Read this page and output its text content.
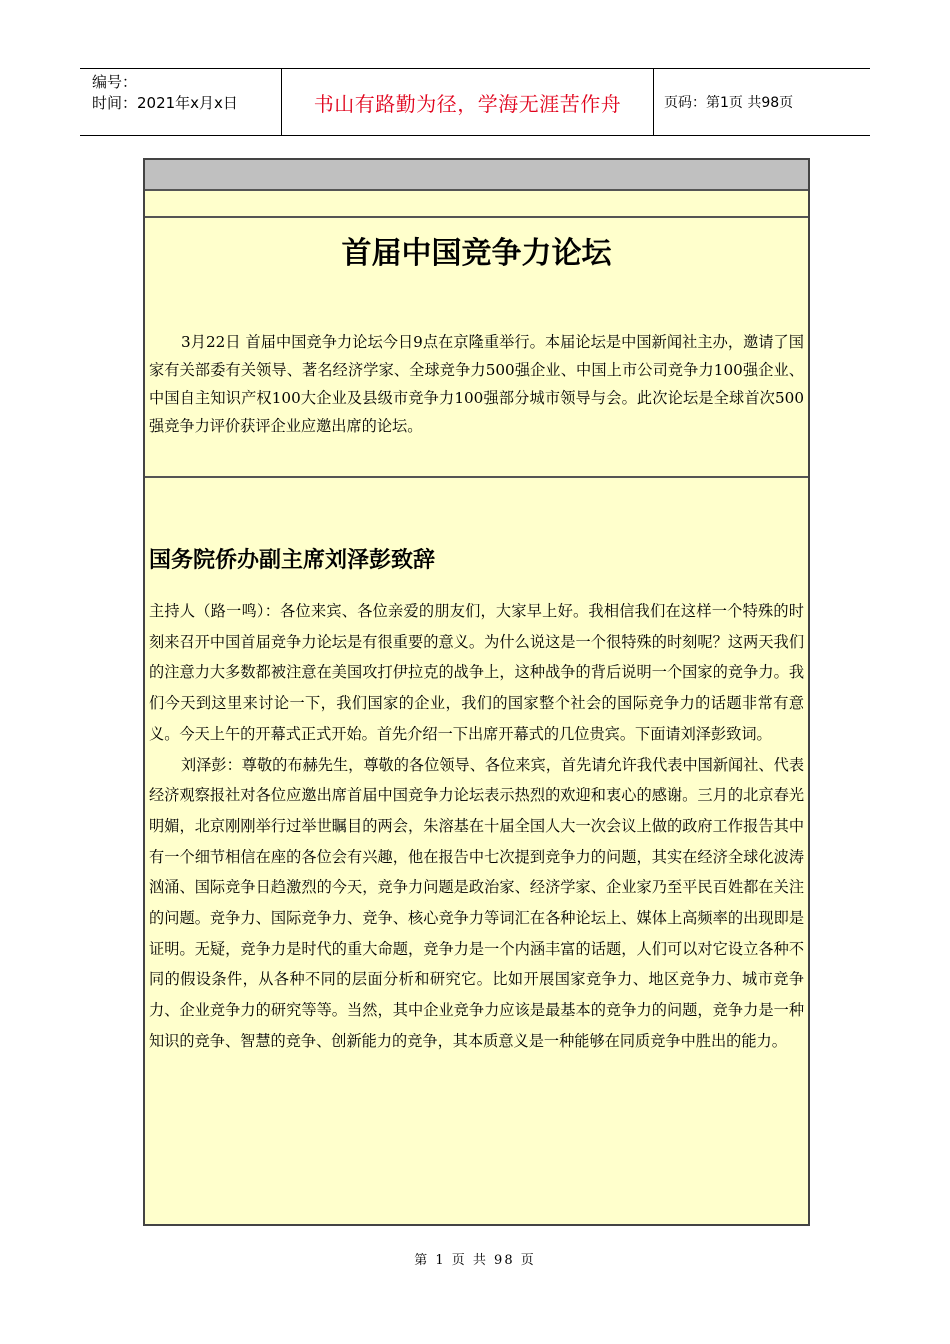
编号：
时间：2021年x月x日	书山有路勤为径，学海无涯苦作舟	页码：第1页 共98页
首届中国竞争力论坛
3月22日 首届中国竞争力论坛今日9点在京隆重举行。本届论坛是中国新闻社主办，邀请了国家有关部委有关领导、著名经济学家、全球竞争力500强企业、中国上市公司竞争力100强企业、中国自主知识产权100大企业及县级市竞争力100强部分城市领导与会。此次论坛是全球首次500强竞争力评价获评企业应邀出席的论坛。
国务院侨办副主席刘泽彭致辞

主持人（路一鸣）：各位来宾、各位亲爱的朋友们，大家早上好。我相信我们在这样一个特殊的时刻来召开中国首届竞争力论坛是有很重要的意义。为什么说这是一个很特殊的时刻呢？这两天我们的注意力大多数都被注意在美国攻打伊拉克的战争上，这种战争的背后说明一个国家的竞争力。我们今天到这里来讨论一下，我们国家的企业，我们的国家整个社会的国际竞争力的话题非常有意义。今天上午的开幕式正式开始。首先介绍一下出席开幕式的几位贵宾。下面请刘泽彭致词。

刘泽彭：尊敬的布赫先生，尊敬的各位领导、各位来宾，首先请允许我代表中国新闻社、代表经济观察报社对各位应邀出席首届中国竞争力论坛表示热烈的欢迎和衷心的感谢。三月的北京春光明媚，北京刚刚举行过举世瞩目的两会，朱溶基在十届全国人大一次会议上做的政府工作报告其中有一个细节相信在座的各位会有兴趣，他在报告中七次提到竞争力的问题，其实在经济全球化波涛汹涌、国际竞争日趋激烈的今天，竞争力问题是政治家、经济学家、企业家乃至平民百姓都在关注的问题。竞争力、国际竞争力、竞争、核心竞争力等词汇在各种论坛上、媒体上高频率的出现即是证明。无疑，竞争力是时代的重大命题，竞争力是一个内涵丰富的话题，人们可以对它设立各种不同的假设条件，从各种不同的层面分析和研究它。比如开展国家竞争力、地区竞争力、城市竞争力、企业竞争力的研究等等。当然，其中企业竞争力应该是最基本的竞争力的问题，竞争力是一种知识的竞争、智慧的竞争、创新能力的竞争，其本质意义是一种能够在同质竞争中胜出的能力。

第 1 页 共 98 页
